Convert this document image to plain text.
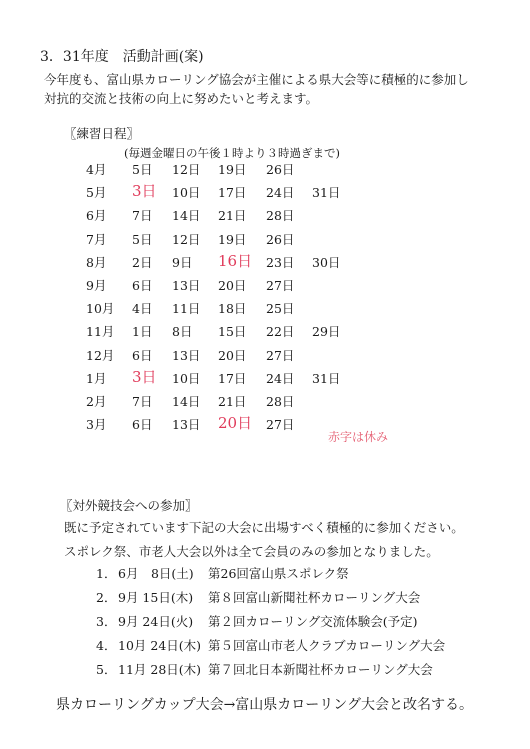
3．31年度　活動計画(案)
今年度も、富山県カローリング協会が主催による県大会等に積極的に参加し
対抗的交流と技術の向上に努めたいと考えます。
〖練習日程〗
(毎週金曜日の午後１時より３時過ぎまで)
4月 5日 12日 19日 26日
5月 3日 10日 17日 24日 31日
6月 7日 14日 21日 28日
7月 5日 12日 19日 26日
8月 2日 9日 16日 23日 30日
9月 6日 13日 20日 27日
10月 4日 11日 18日 25日
11月 1日 8日 15日 22日 29日
12月 6日 13日 20日 27日
1月 3日 10日 17日 24日 31日
2月 7日 14日 21日 28日
3月 6日 13日 20日 27日
赤字は休み
〖対外競技会への参加〗
既に予定されています下記の大会に出場すべく積極的に参加ください。
スポレク祭、市老人大会以外は全て会員のみの参加となりました。
1． 6月　8日(土) 第26回富山県スポレク祭
2． 9月 15日(木) 第８回富山新聞社杯カローリング大会
3． 9月 24日(火) 第２回カローリング交流体験会(予定)
4． 10月 24日(木) 第５回富山市老人クラブカローリング大会
5． 11月 28日(木) 第７回北日本新聞社杯カローリング大会
県カローリングカップ大会→富山県カローリング大会と改名する。
